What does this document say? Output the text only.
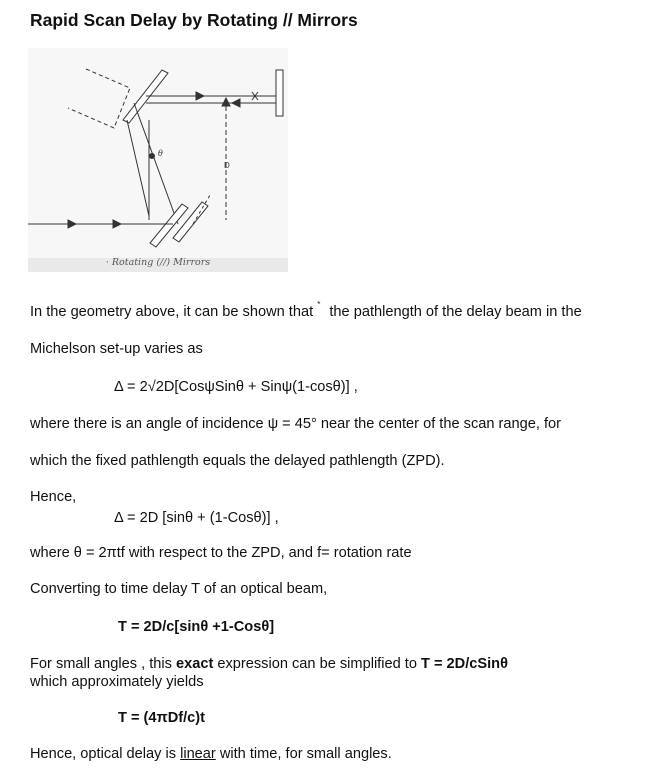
Rapid Scan Delay by Rotating // Mirrors
θ
D
· Rotating (//) Mirrors
In the geometry above, it can be shown that * the pathlength of the delay beam in the
Michelson set-up varies as
Δ = 2√2D[CosψSinθ + Sinψ(1-cosθ)] ,
where there is an angle of incidence ψ = 45° near the center of the scan range, for
which the fixed pathlength equals the delayed pathlength (ZPD).
Hence,
Δ = 2D [sinθ + (1-Cosθ)] ,
where θ = 2πtf with respect to the ZPD, and f= rotation rate
Converting to time delay T of an optical beam,
T = 2D/c[sinθ +1-Cosθ]
For small angles , this exact expression can be simplified to T = 2D/cSinθ
which approximately yields
T = (4πDf/c)t
Hence, optical delay is linear with time, for small angles.
